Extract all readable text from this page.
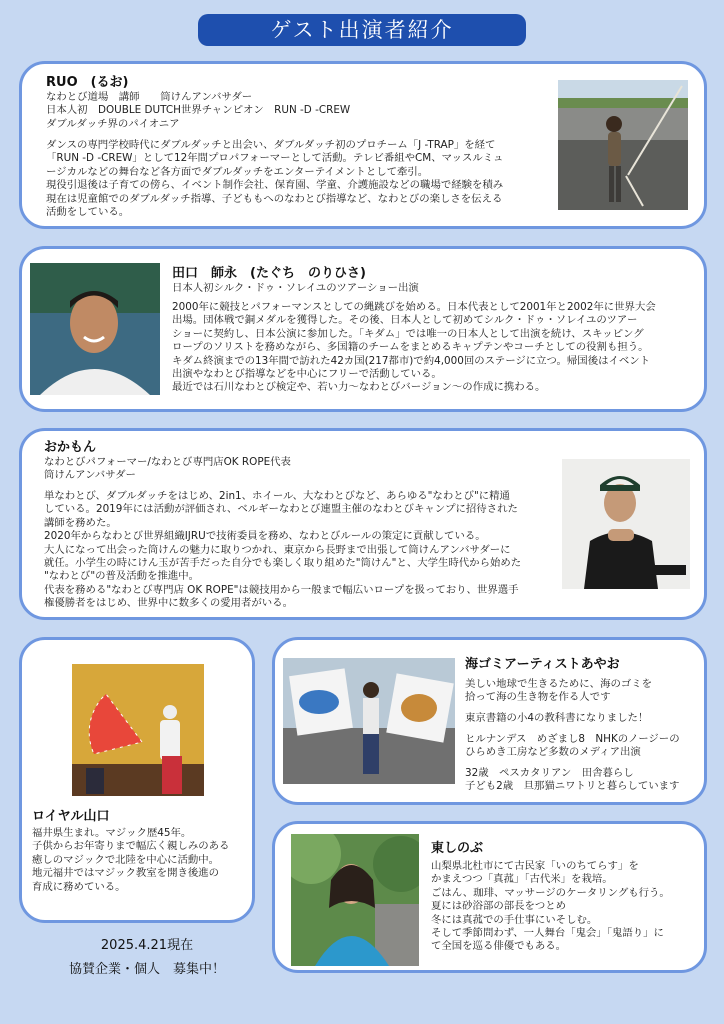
ゲスト出演者紹介
RUO　(るお)
なわとび道場　講師　　筒けんアンバサダー
日本人初　DOUBLE DUTCH世界チャンピオン　RUN -D -CREW
ダブルダッチ界のパイオニア
ダンスの専門学校時代にダブルダッチと出会い、ダブルダッチ初のプロチーム「J -TRAP」を経て
「RUN -D -CREW」として12年間プロパフォーマーとして活動。テレビ番組やCM、マッスルミュ
ージカルなどの舞台など各方面でダブルダッチをエンターテイメントとして牽引。
現役引退後は子育ての傍ら、イベント制作会社、保育園、学童、介護施設などの職場で経験を積み
現在は児童館でのダブルダッチ指導、子どももへのなわとび指導など、なわとびの楽しさを伝える
活動をしている。
田口　師永　(たぐち　のりひさ)
日本人初シルク・ドゥ・ソレイユのツアーショー出演
2000年に競技とパフォーマンスとしての縄跳びを始める。日本代表として2001年と2002年に世界大会
出場。団体戦で銅メダルを獲得した。その後、日本人として初めてシルク・ドゥ・ソレイユのツアー
ショーに契約し、日本公演に参加した。「キダム」では唯一の日本人として出演を続け、スキッピング
ロープのソリストを務めながら、多国籍のチームをまとめるキャプテンやコーチとしての役割も担う。
キダム終演までの13年間で訪れた42カ国(217都市)で約4,000回のステージに立つ。帰国後はイベント
出演やなわとび指導などを中心にフリーで活動している。
最近では石川なわとび検定や、若い力〜なわとびバージョン〜の作成に携わる。
おかもん
なわとびパフォーマー/なわとび専門店OK ROPE代表
筒けんアンバサダー
単なわとび、ダブルダッチをはじめ、2in1、ホイール、大なわとびなど、あらゆる"なわとび"に精通
している。2019年には活動が評価され、ベルギーなわとび連盟主催のなわとびキャンプに招待された
講師を務めた。
2020年からなわとび世界組織IJRUで技術委員を務め、なわとびルールの策定に貢献している。
大人になって出会った筒けんの魅力に取りつかれ、東京から長野まで出張して筒けんアンバサダーに
就任。小学生の時にけん玉が苦手だった自分でも楽しく取り組めた"筒けん"と、大学生時代から始めた
"なわとび"の普及活動を推進中。
代表を務める"なわとび専門店 OK ROPE"は競技用から一般まで幅広いロープを扱っており、世界選手
権優勝者をはじめ、世界中に数多くの愛用者がいる。
ロイヤル山口
福井県生まれ。マジック歴45年。
子供からお年寄りまで幅広く親しみのある
癒しのマジックで北陸を中心に活動中。
地元福井ではマジック教室を開き後進の
育成に務めている。
海ゴミアーティストあやお
美しい地球で生きるために、海のゴミを
拾って海の生き物を作る人です
東京書籍の小4の教科書になりました！
ヒルナンデス　めざまし8　NHKのノージーの
ひらめき工房など多数のメディア出演
32歳　ペスカタリアン　田舎暮らし
子ども2歳　旦那猫ニワトリと暮らしています
東しのぶ
山梨県北杜市にて古民家「いのちてらす」を
かまえつつ「真菰」「古代米」を栽培。
ごはん、珈琲、マッサージのケータリングも行う。
夏には砂浴部の部長をつとめ
冬には真菰での手仕事にいそしむ。
そして季節問わず、一人舞台「鬼会」「鬼語り」に
て全国を巡る俳優でもある。
2025.4.21現在
協賛企業・個人　募集中！
